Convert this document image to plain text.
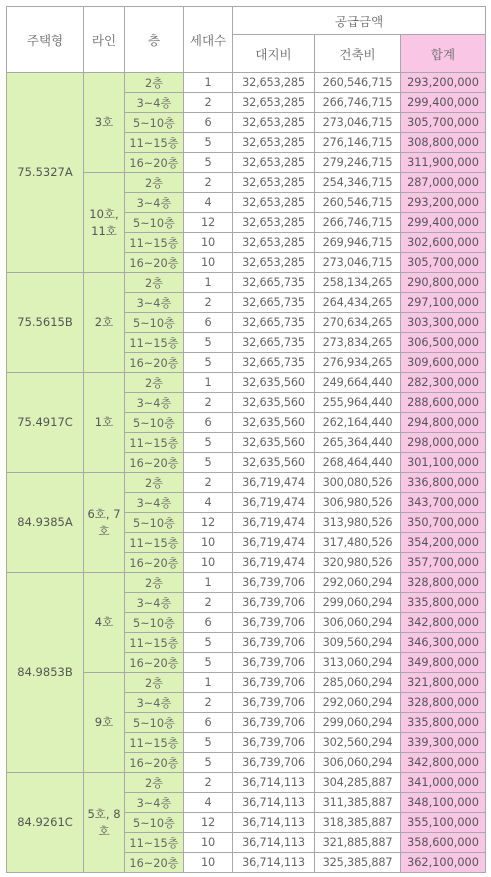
주택형	라인	층	세대수	공급금액		
				대지비	건축비	합계
75.5327A	3호	2층	1	32,653,285	260,546,715	293,200,000
		3~4층	2	32,653,285	266,746,715	299,400,000
		5~10층	6	32,653,285	273,046,715	305,700,000
		11~15층	5	32,653,285	276,146,715	308,800,000
		16~20층	5	32,653,285	279,246,715	311,900,000
	10호, 11호	2층	2	32,653,285	254,346,715	287,000,000
		3~4층	4	32,653,285	260,546,715	293,200,000
		5~10층	12	32,653,285	266,746,715	299,400,000
		11~15층	10	32,653,285	269,946,715	302,600,000
		16~20층	10	32,653,285	273,046,715	305,700,000
75.5615B	2호	2층	1	32,665,735	258,134,265	290,800,000
		3~4층	2	32,665,735	264,434,265	297,100,000
		5~10층	6	32,665,735	270,634,265	303,300,000
		11~15층	5	32,665,735	273,834,265	306,500,000
		16~20층	5	32,665,735	276,934,265	309,600,000
75.4917C	1호	2층	1	32,635,560	249,664,440	282,300,000
		3~4층	2	32,635,560	255,964,440	288,600,000
		5~10층	6	32,635,560	262,164,440	294,800,000
		11~15층	5	32,635,560	265,364,440	298,000,000
		16~20층	5	32,635,560	268,464,440	301,100,000
84.9385A	6호, 7호	2층	2	36,719,474	300,080,526	336,800,000
		3~4층	4	36,719,474	306,980,526	343,700,000
		5~10층	12	36,719,474	313,980,526	350,700,000
		11~15층	10	36,719,474	317,480,526	354,200,000
		16~20층	10	36,719,474	320,980,526	357,700,000
84.9853B	4호	2층	1	36,739,706	292,060,294	328,800,000
		3~4층	2	36,739,706	299,060,294	335,800,000
		5~10층	6	36,739,706	306,060,294	342,800,000
		11~15층	5	36,739,706	309,560,294	346,300,000
		16~20층	5	36,739,706	313,060,294	349,800,000
	9호	2층	1	36,739,706	285,060,294	321,800,000
		3~4층	2	36,739,706	292,060,294	328,800,000
		5~10층	6	36,739,706	299,060,294	335,800,000
		11~15층	5	36,739,706	302,560,294	339,300,000
		16~20층	5	36,739,706	306,060,294	342,800,000
84.9261C	5호, 8호	2층	2	36,714,113	304,285,887	341,000,000
		3~4층	4	36,714,113	311,385,887	348,100,000
		5~10층	12	36,714,113	318,385,887	355,100,000
		11~15층	10	36,714,113	321,885,887	358,600,000
		16~20층	10	36,714,113	325,385,887	362,100,000
